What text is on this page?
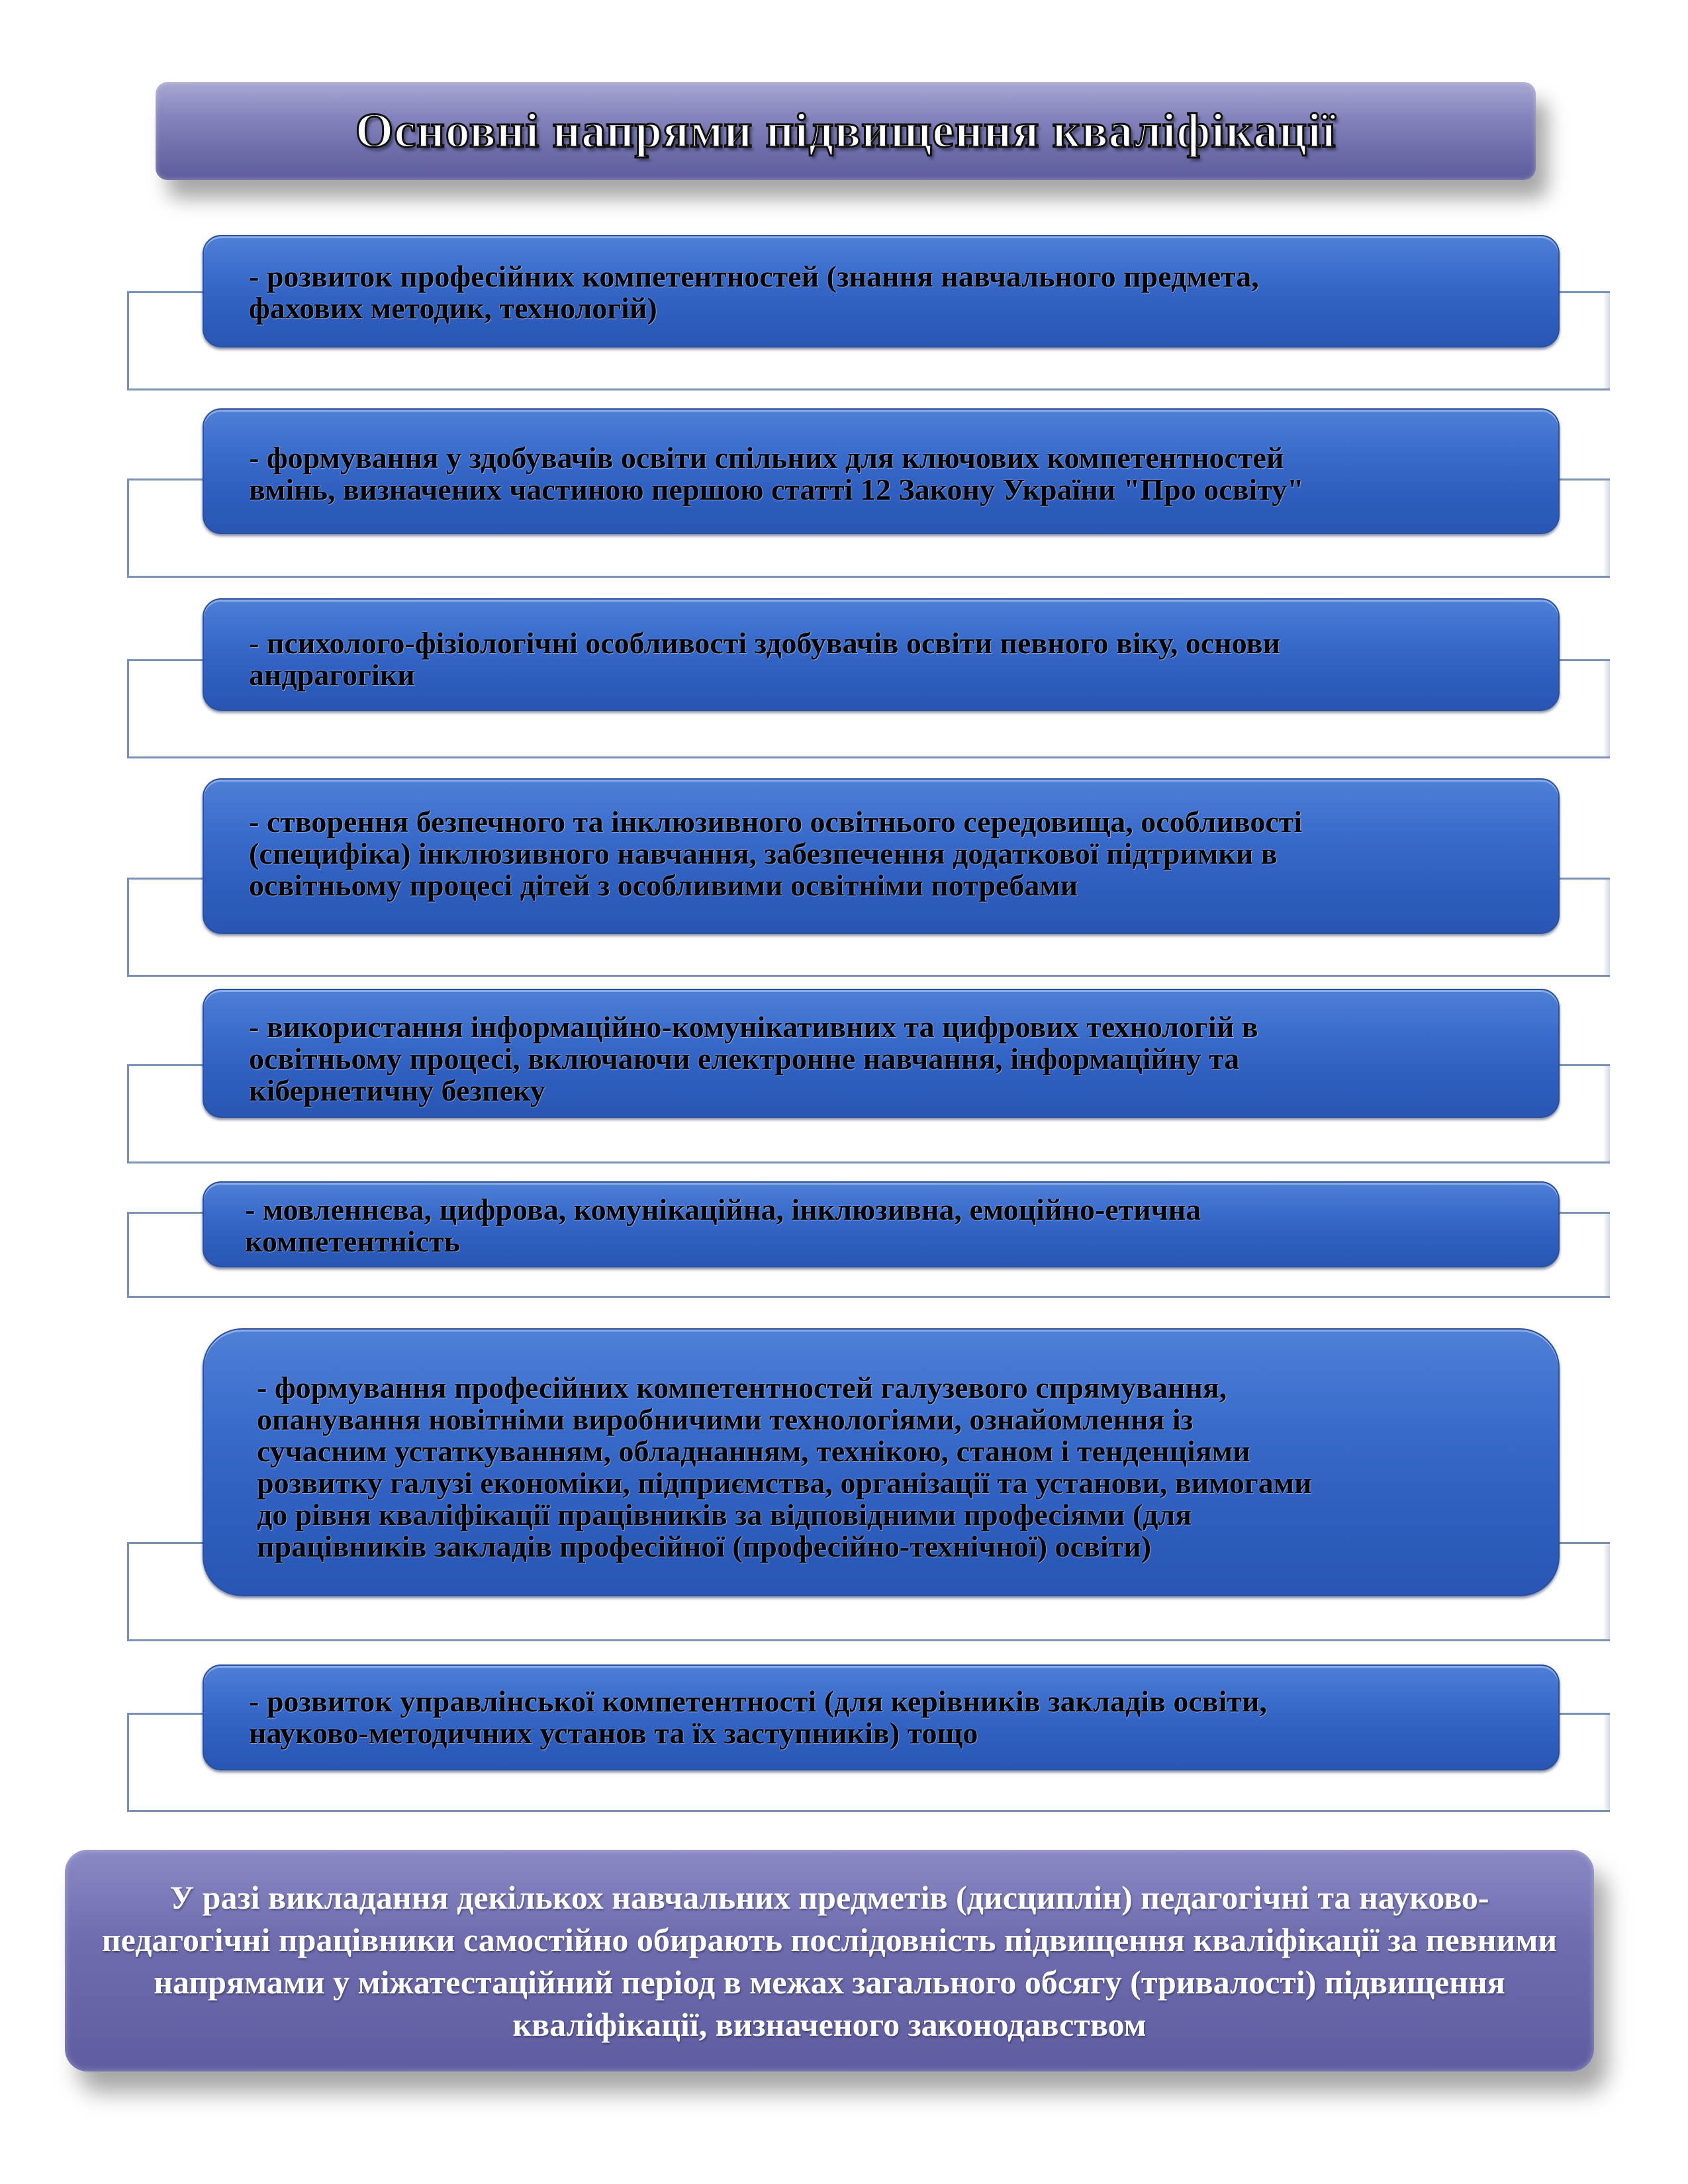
Основні напрями підвищення кваліфікації
- розвиток професійних компетентностей (знання навчального предмета,
фахових методик, технологій)
- формування у здобувачів освіти спільних для ключових компетентностей
вмінь, визначених частиною першою статті 12 Закону України "Про освіту"
- психолого-фізіологічні особливості здобувачів освіти певного віку, основи
андрагогіки
- створення безпечного та інклюзивного освітнього середовища, особливості
(специфіка) інклюзивного навчання, забезпечення додаткової підтримки в
освітньому процесі дітей з особливими освітніми потребами
- використання інформаційно-комунікативних та цифрових технологій в
освітньому процесі, включаючи електронне навчання, інформаційну та
кібернетичну безпеку
- мовленнєва, цифрова, комунікаційна, інклюзивна, емоційно-етична
компетентність
- формування професійних компетентностей галузевого спрямування,
опанування новітніми виробничими технологіями, ознайомлення із
сучасним устаткуванням, обладнанням, технікою, станом і тенденціями
розвитку галузі економіки, підприємства, організації та установи, вимогами
до рівня кваліфікації працівників за відповідними професіями (для
працівників закладів професійної (професійно-технічної) освіти)
- розвиток управлінської компетентності (для керівників закладів освіти,
науково-методичних установ та їх заступників) тощо
У разі викладання декількох навчальних предметів (дисциплін) педагогічні та науково-педагогічні працівники самостійно обирають послідовність підвищення кваліфікації за певними напрямами у міжатестаційний період в межах загального обсягу (тривалості) підвищення кваліфікації, визначеного законодавством
